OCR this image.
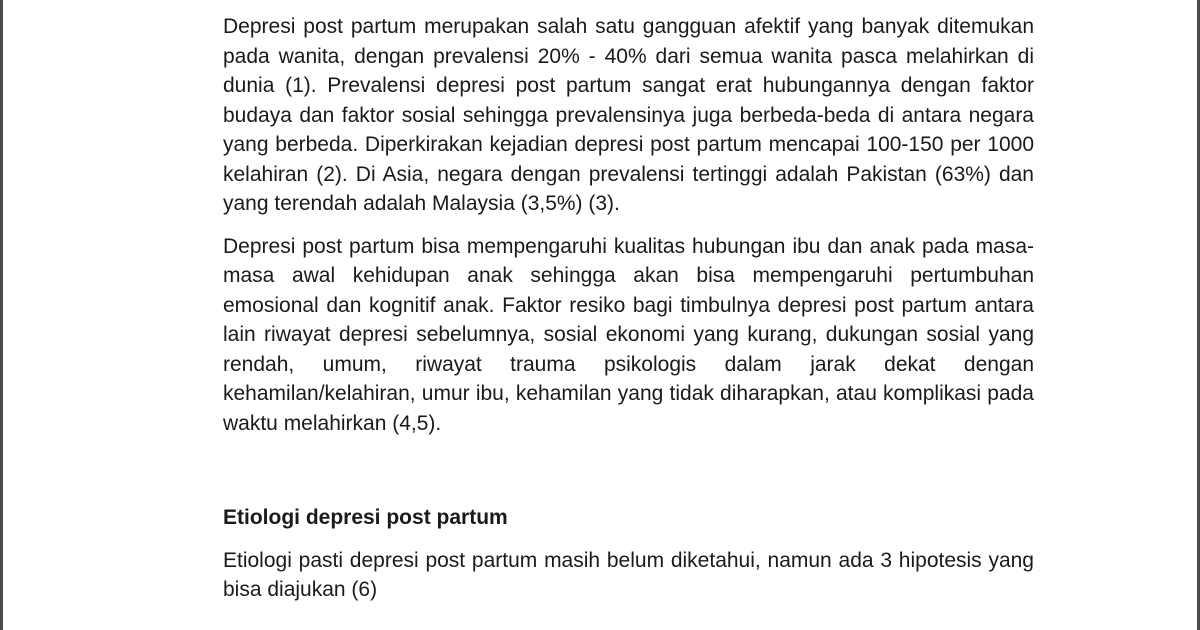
Depresi post partum merupakan salah satu gangguan afektif yang banyak ditemukan pada wanita, dengan prevalensi 20% - 40% dari semua wanita pasca melahirkan di dunia (1). Prevalensi depresi post partum sangat erat hubungannya dengan faktor budaya dan faktor sosial sehingga prevalensinya juga berbeda-beda di antara negara yang berbeda. Diperkirakan kejadian depresi post partum mencapai 100-150 per 1000 kelahiran (2). Di Asia, negara dengan prevalensi tertinggi adalah Pakistan (63%) dan yang terendah adalah Malaysia (3,5%) (3).

Depresi post partum bisa mempengaruhi kualitas hubungan ibu dan anak pada masa-masa awal kehidupan anak sehingga akan bisa mempengaruhi pertumbuhan emosional dan kognitif anak. Faktor resiko bagi timbulnya depresi post partum antara lain riwayat depresi sebelumnya, sosial ekonomi yang kurang, dukungan sosial yang rendah, umum, riwayat trauma psikologis dalam jarak dekat dengan kehamilan/kelahiran, umur ibu, kehamilan yang tidak diharapkan, atau komplikasi pada waktu melahirkan (4,5).

Etiologi depresi post partum

Etiologi pasti depresi post partum masih belum diketahui, namun ada 3 hipotesis yang bisa diajukan (6)
